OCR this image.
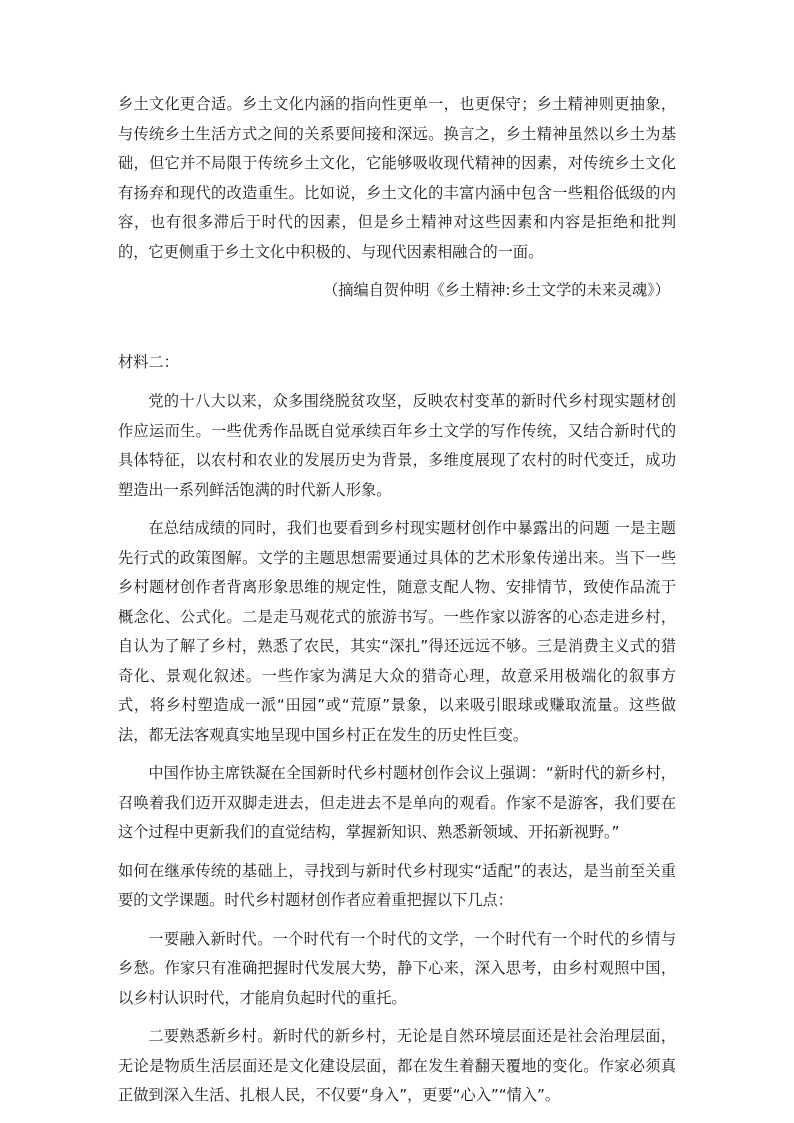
乡土文化更合适。乡土文化内涵的指向性更单一，也更保守；乡土精神则更抽象，与传统乡土生活方式之间的关系要间接和深远。换言之，乡土精神虽然以乡土为基础，但它并不局限于传统乡土文化，它能够吸收现代精神的因素，对传统乡土文化有扬弃和现代的改造重生。比如说，乡土文化的丰富内涵中包含一些粗俗低级的内容，也有很多滞后于时代的因素，但是乡土精神对这些因素和内容是拒绝和批判的，它更侧重于乡土文化中积极的、与现代因素相融合的一面。

（摘编自贺仲明《乡土精神:乡土文学的未来灵魂》）

材料二：

党的十八大以来，众多围绕脱贫攻坚，反映农村变革的新时代乡村现实题材创作应运而生。一些优秀作品既自觉承续百年乡土文学的写作传统，又结合新时代的具体特征，以农村和农业的发展历史为背景，多维度展现了农村的时代变迁，成功塑造出一系列鲜活饱满的时代新人形象。

在总结成绩的同时，我们也要看到乡村现实题材创作中暴露出的问题 一是主题先行式的政策图解。文学的主题思想需要通过具体的艺术形象传递出来。当下一些乡村题材创作者背离形象思维的规定性，随意支配人物、安排情节，致使作品流于概念化、公式化。二是走马观花式的旅游书写。一些作家以游客的心态走进乡村，自认为了解了乡村，熟悉了农民，其实“深扎”得还远远不够。三是消费主义式的猎奇化、景观化叙述。一些作家为满足大众的猎奇心理，故意采用极端化的叙事方式，将乡村塑造成一派“田园”或“荒原”景象，以来吸引眼球或赚取流量。这些做法，都无法客观真实地呈现中国乡村正在发生的历史性巨变。

中国作协主席铁凝在全国新时代乡村题材创作会议上强调：“新时代的新乡村，召唤着我们迈开双脚走进去，但走进去不是单向的观看。作家不是游客，我们要在这个过程中更新我们的直觉结构，掌握新知识、熟悉新领域、开拓新视野。”

如何在继承传统的基础上，寻找到与新时代乡村现实“适配”的表达，是当前至关重要的文学课题。时代乡村题材创作者应着重把握以下几点：

一要融入新时代。一个时代有一个时代的文学，一个时代有一个时代的乡情与乡愁。作家只有准确把握时代发展大势，静下心来，深入思考，由乡村观照中国，以乡村认识时代，才能肩负起时代的重托。

二要熟悉新乡村。新时代的新乡村，无论是自然环境层面还是社会治理层面，无论是物质生活层面还是文化建设层面，都在发生着翻天覆地的变化。作家必须真正做到深入生活、扎根人民，不仅要“身入”，更要“心入”“情入”。
